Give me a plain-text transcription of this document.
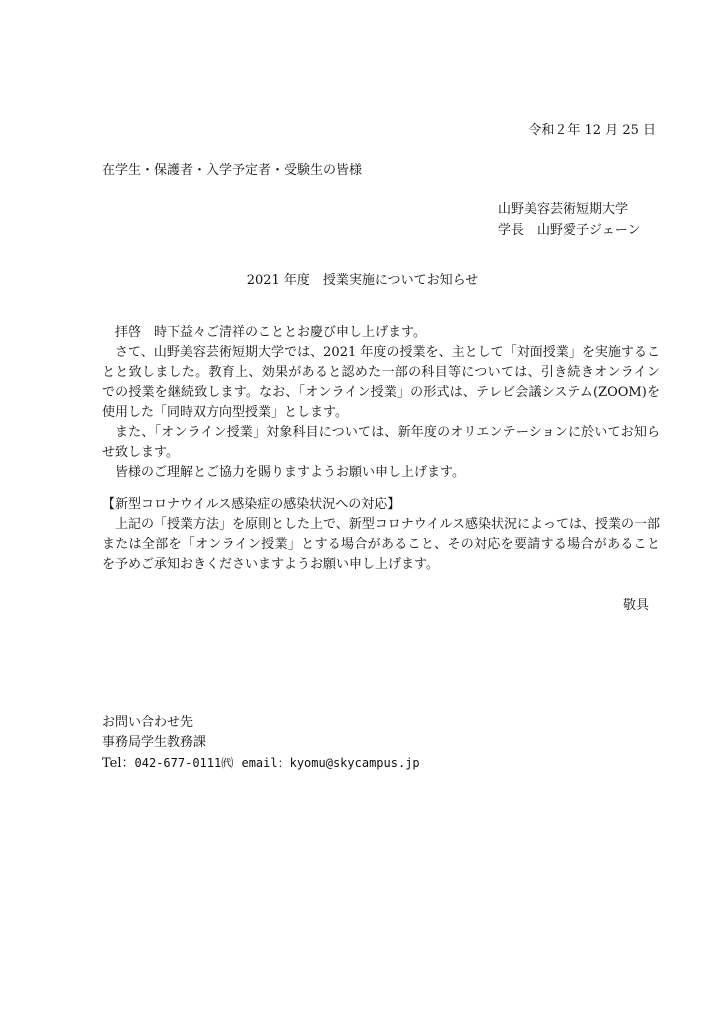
令和２年 12 月 25 日
在学生・保護者・入学予定者・受験生の皆様
山野美容芸術短期大学
学長　山野愛子ジェーン
2021 年度　授業実施についてお知らせ

拝啓　時下益々ご清祥のこととお慶び申し上げます。

さて、山野美容芸術短期大学では、2021 年度の授業を、主として「対面授業」を実施することと致しました。教育上、効果があると認めた一部の科目等については、引き続きオンラインでの授業を継続致します。なお、「オンライン授業」の形式は、テレビ会議システム(ZOOM)を使用した「同時双方向型授業」とします。

また、「オンライン授業」対象科目については、新年度のオリエンテーションに於いてお知らせ致します。

皆様のご理解とご協力を賜りますようお願い申し上げます。

【新型コロナウイルス感染症の感染状況への対応】

上記の「授業方法」を原則とした上で、新型コロナウイルス感染状況によっては、授業の一部または全部を「オンライン授業」とする場合があること、その対応を要請する場合があることを予めご承知おきくださいますようお願い申し上げます。

敬具
お問い合わせ先
事務局学生教務課
Tel：042-677-0111㈹ email：kyomu@skycampus.jp
